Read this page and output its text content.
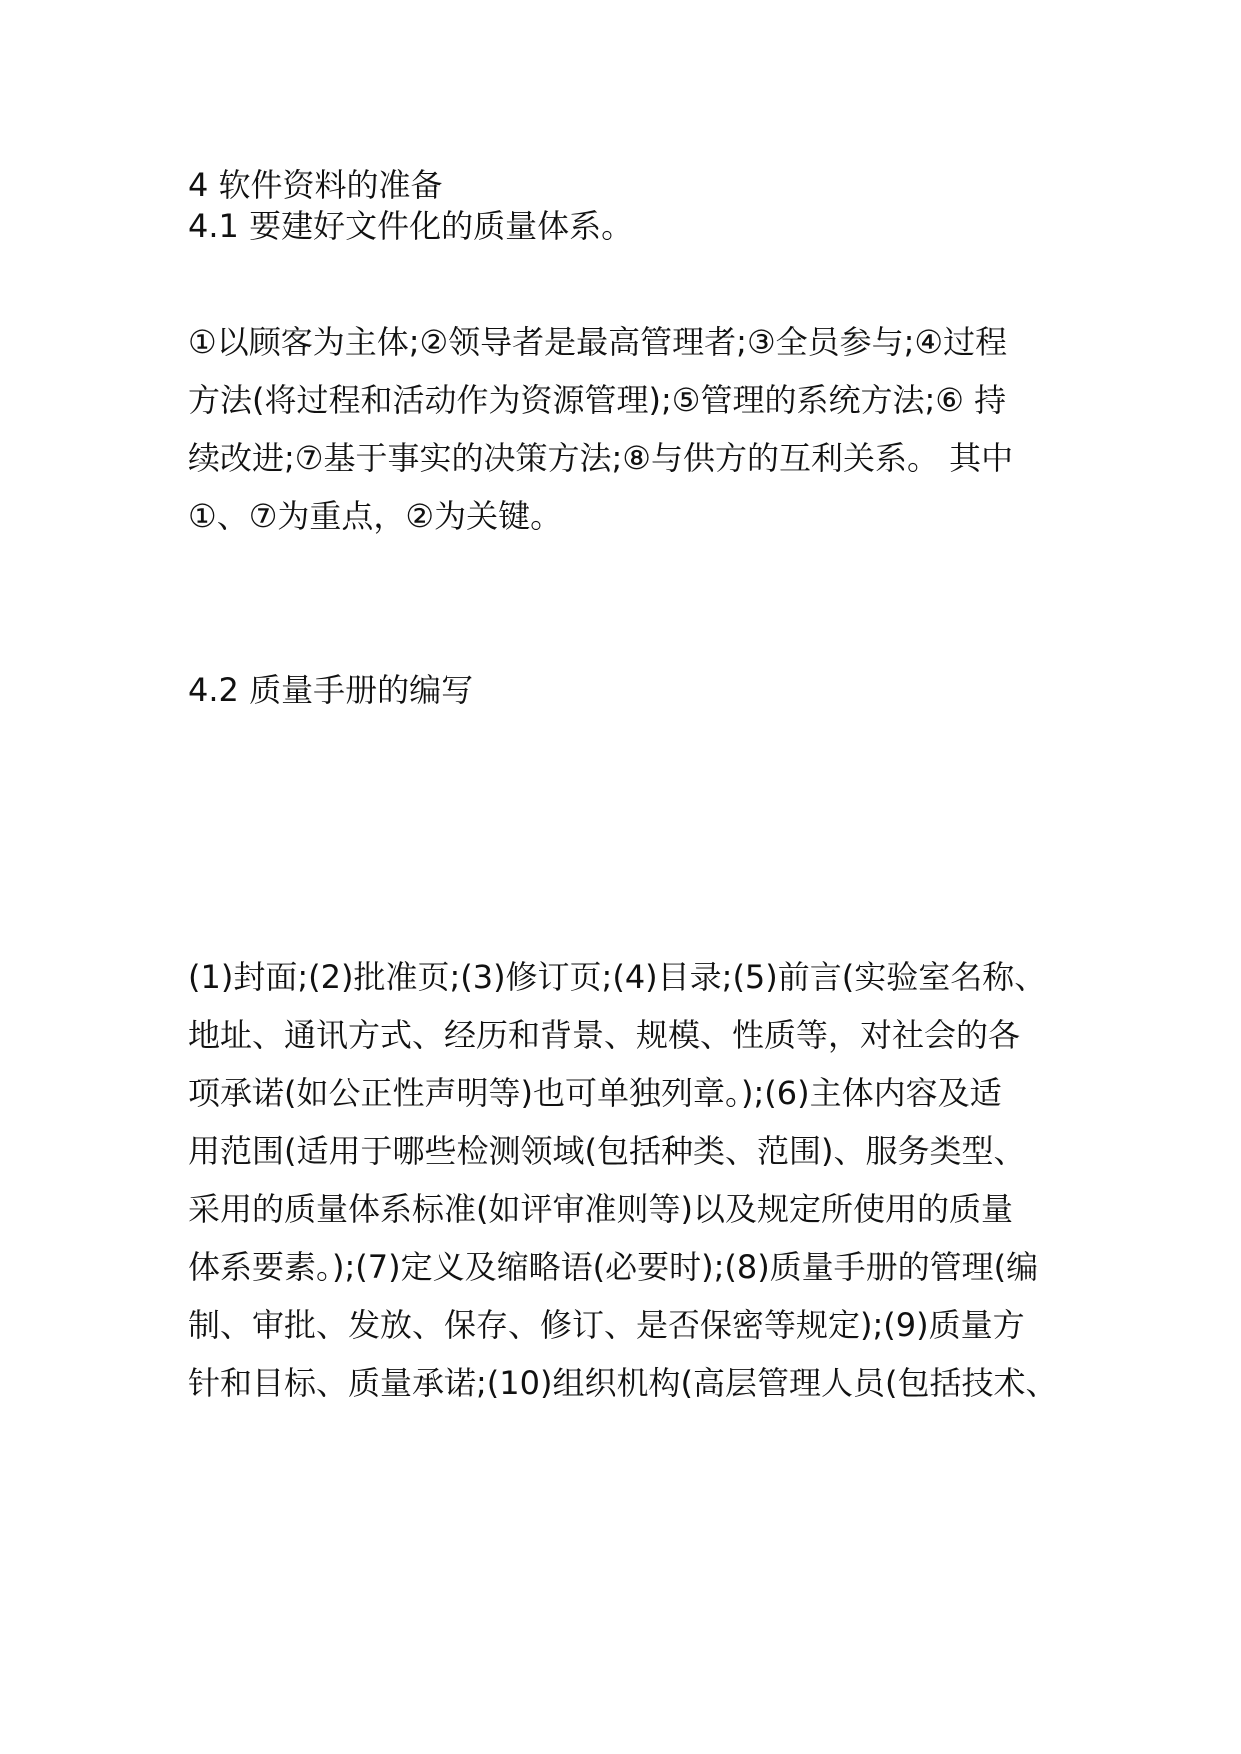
4 软件资料的准备
4.1 要建好文件化的质量体系。

①以顾客为主体;②领导者是最高管理者;③全员参与;④过程

方法(将过程和活动作为资源管理);⑤管理的系统方法;⑥ 持

续改进;⑦基于事实的决策方法;⑧与供方的互利关系。 其中

①、⑦为重点，②为关键。

4.2 质量手册的编写

(1)封面;(2)批准页;(3)修订页;(4)目录;(5)前言(实验室名称、

地址、通讯方式、经历和背景、规模、性质等，对社会的各

项承诺(如公正性声明等)也可单独列章。);(6)主体内容及适

用范围(适用于哪些检测领域(包括种类、范围)、服务类型、

采用的质量体系标准(如评审准则等)以及规定所使用的质量

体系要素。);(7)定义及缩略语(必要时);(8)质量手册的管理(编

制、审批、发放、保存、修订、是否保密等规定);(9)质量方

针和目标、质量承诺;(10)组织机构(高层管理人员(包括技术、
